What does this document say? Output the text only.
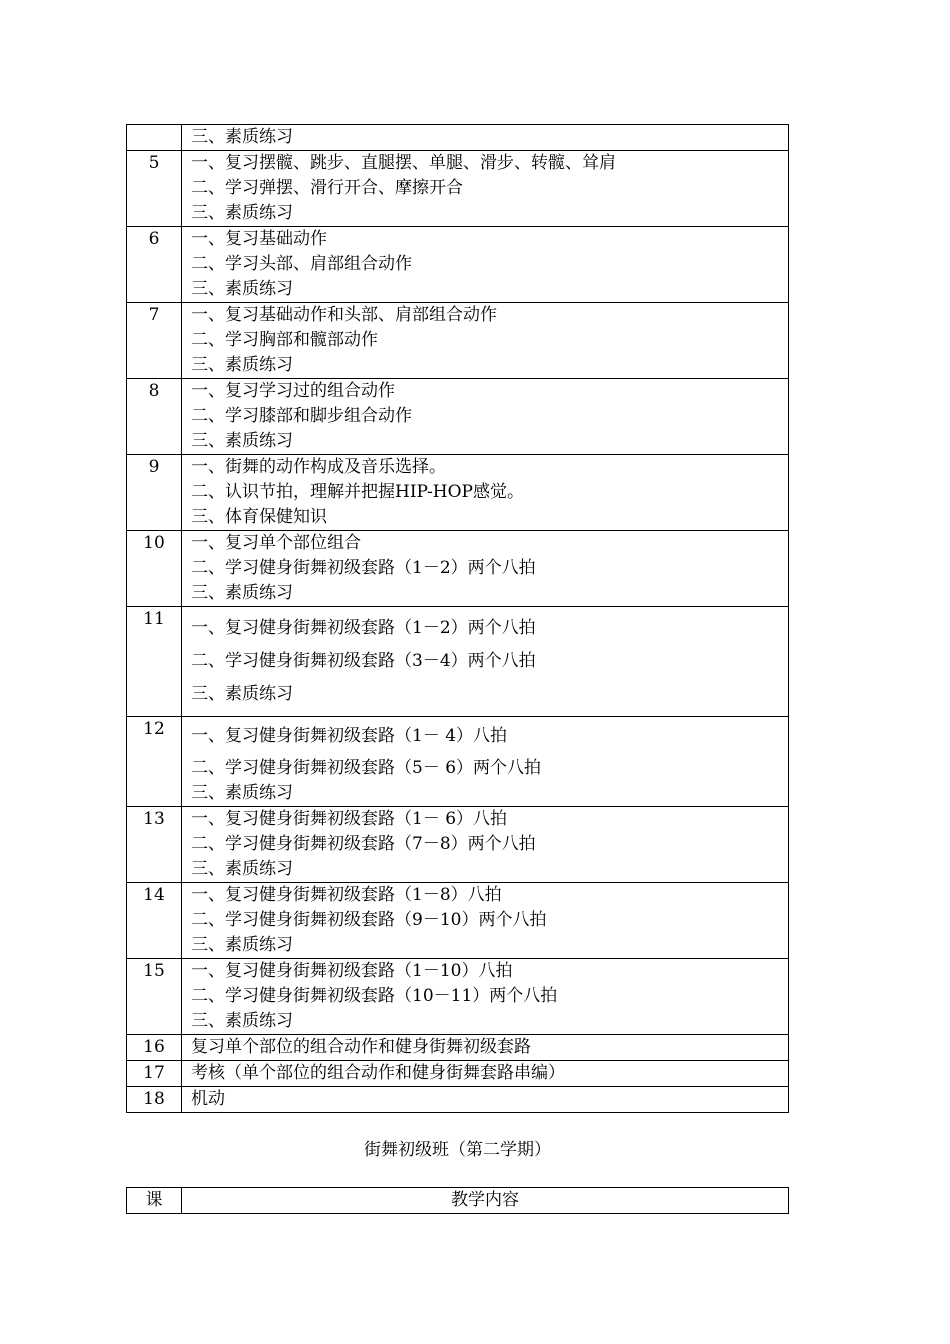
	三、素质练习

5	一、复习摆髋、跳步、直腿摆、单腿、滑步、转髋、耸肩
二、学习弹摆、滑行开合、摩擦开合
三、素质练习

6	一、复习基础动作
二、学习头部、肩部组合动作
三、素质练习

7	一、复习基础动作和头部、肩部组合动作
二、学习胸部和髋部动作
三、素质练习

8	一、复习学习过的组合动作
二、学习膝部和脚步组合动作
三、素质练习

9	一、街舞的动作构成及音乐选择。
二、认识节拍，理解并把握HIP-HOP感觉。
三、体育保健知识

10	一、复习单个部位组合
二、学习健身街舞初级套路（1－2）两个八拍
三、素质练习

11	一、复习健身街舞初级套路（1－2）两个八拍
二、学习健身街舞初级套路（3－4）两个八拍
三、素质练习

12	一、复习健身街舞初级套路（1－ 4）八拍
二、学习健身街舞初级套路（5－ 6）两个八拍
三、素质练习

13	一、复习健身街舞初级套路（1－ 6）八拍
二、学习健身街舞初级套路（7－8）两个八拍
三、素质练习

14	一、复习健身街舞初级套路（1－8）八拍
二、学习健身街舞初级套路（9－10）两个八拍
三、素质练习

15	一、复习健身街舞初级套路（1－10）八拍
二、学习健身街舞初级套路（10－11）两个八拍
三、素质练习

16	复习单个部位的组合动作和健身街舞初级套路

17	考核（单个部位的组合动作和健身街舞套路串编）

18	机动
街舞初级班（第二学期）
课	教学内容
